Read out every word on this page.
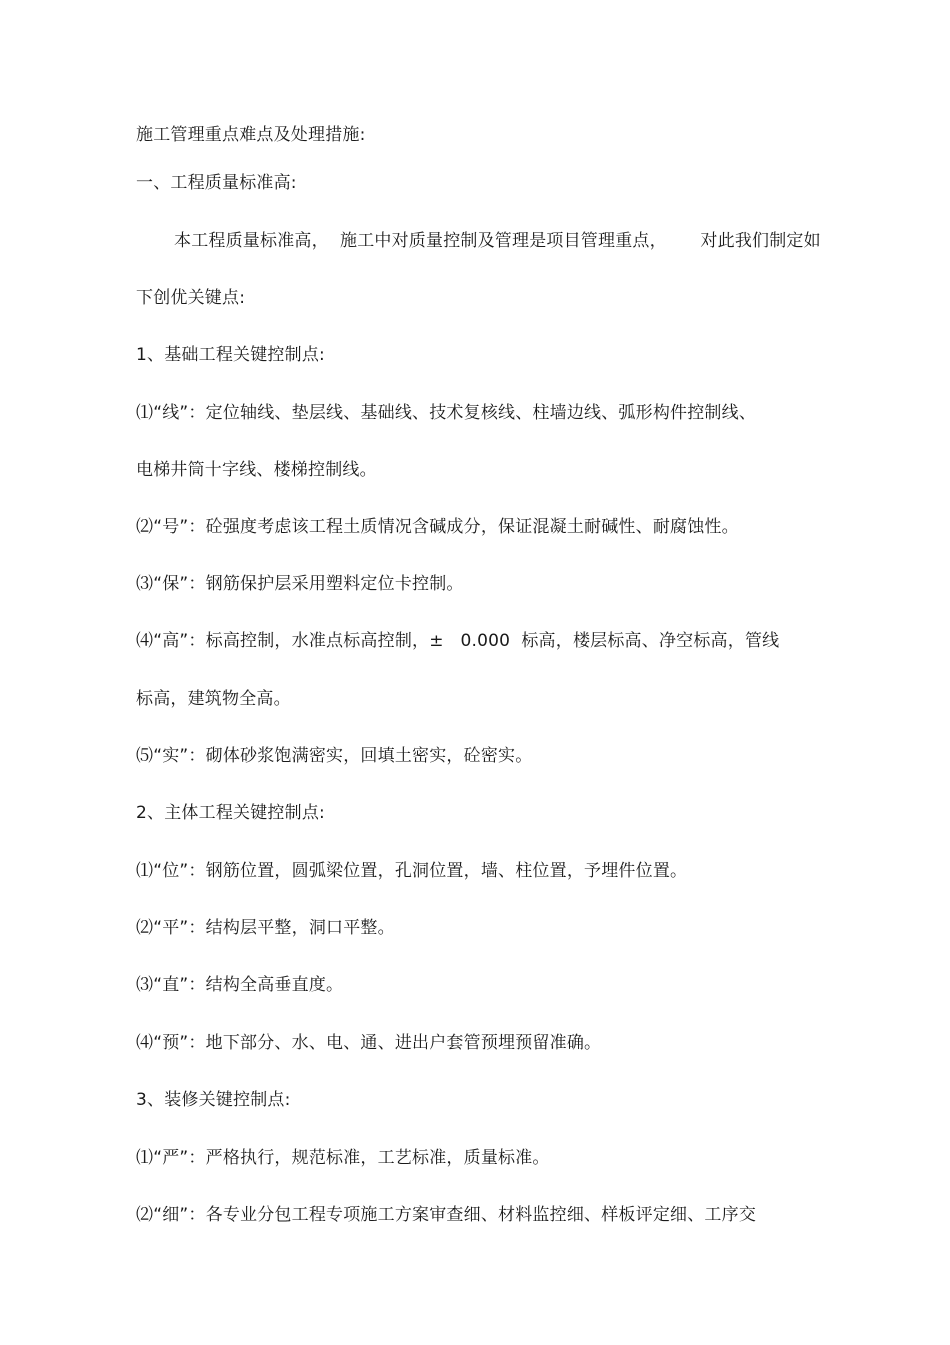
施工管理重点难点及处理措施:
一、工程质量标准高:
本工程质量标准高，  施工中对质量控制及管理是项目管理重点，      对此我们制定如
下创优关键点:
1、基础工程关键控制点:
⑴“线”：定位轴线、垫层线、基础线、技术复核线、柱墙边线、弧形构件控制线、
电梯井筒十字线、楼梯控制线。
⑵“号”：砼强度考虑该工程土质情况含碱成分，保证混凝土耐碱性、耐腐蚀性。
⑶“保”：钢筋保护层采用塑料定位卡控制。
⑷“高”：标高控制，水准点标高控制，±   0.000  标高，楼层标高、净空标高，管线
标高，建筑物全高。
⑸“实”：砌体砂浆饱满密实，回填土密实，砼密实。
2、主体工程关键控制点:
⑴“位”：钢筋位置，圆弧梁位置，孔洞位置，墙、柱位置，予埋件位置。
⑵“平”：结构层平整，洞口平整。
⑶“直”：结构全高垂直度。
⑷“预”：地下部分、水、电、通、进出户套管预埋预留准确。
3、装修关键控制点:
⑴“严”：严格执行，规范标准，工艺标准，质量标准。
⑵“细”：各专业分包工程专项施工方案审查细、材料监控细、样板评定细、工序交
